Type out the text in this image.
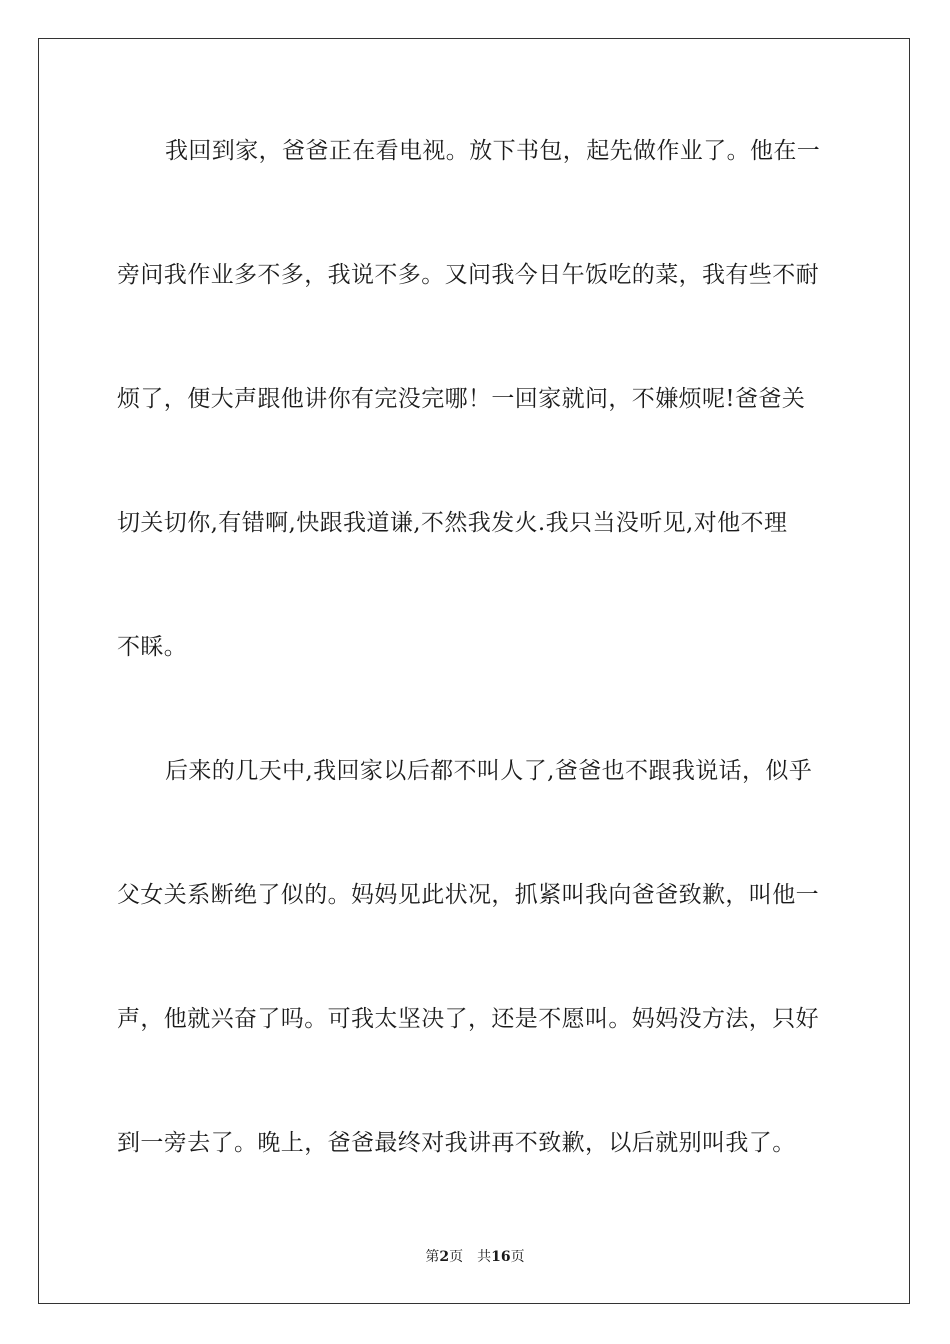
我回到家，爸爸正在看电视。放下书包，起先做作业了。他在一
旁问我作业多不多，我说不多。又问我今日午饭吃的菜，我有些不耐
烦了，便大声跟他讲你有完没完哪！一回家就问，不嫌烦呢!爸爸关
切关切你,有错啊,快跟我道谦,不然我发火.我只当没听见,对他不理
不睬。
后来的几天中,我回家以后都不叫人了,爸爸也不跟我说话，似乎
父女关系断绝了似的。妈妈见此状况，抓紧叫我向爸爸致歉，叫他一
声，他就兴奋了吗。可我太坚决了，还是不愿叫。妈妈没方法，只好
到一旁去了。晚上，爸爸最终对我讲再不致歉，以后就别叫我了。
第2页 共16页
